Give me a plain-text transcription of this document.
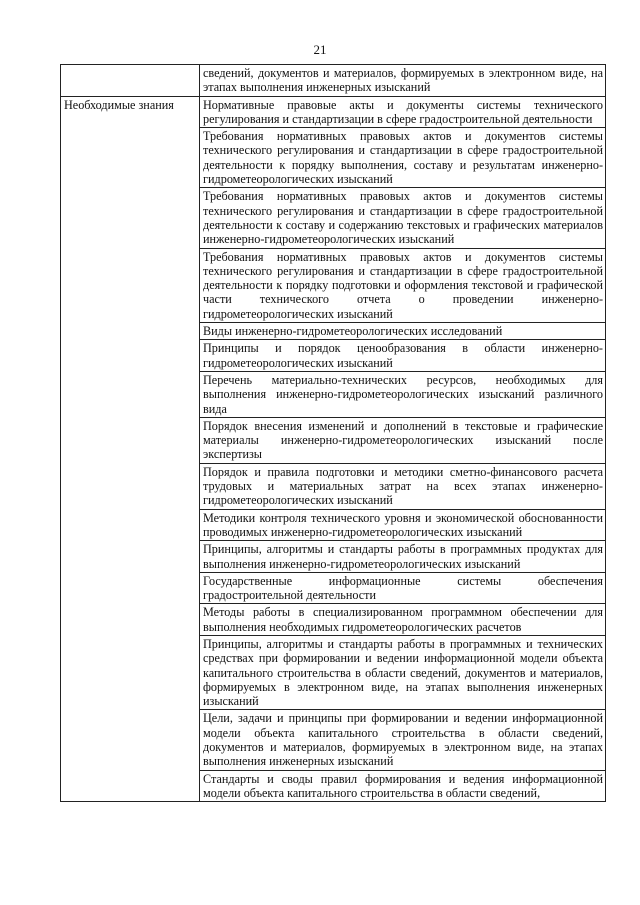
21
	сведений, документов и материалов, формируемых в электронном виде, на этапах выполнения инженерных изысканий
Необходимые знания	Нормативные правовые акты и документы системы технического регулирования и стандартизации в сфере градостроительной деятельности
	Требования нормативных правовых актов и документов системы технического регулирования и стандартизации в сфере градостроительной деятельности к порядку выполнения, составу и результатам инженерно-гидрометеорологических изысканий
	Требования нормативных правовых актов и документов системы технического регулирования и стандартизации в сфере градостроительной деятельности к составу и содержанию текстовых и графических материалов инженерно-гидрометеорологических изысканий
	Требования нормативных правовых актов и документов системы технического регулирования и стандартизации в сфере градостроительной деятельности к порядку подготовки и оформления текстовой и графической части технического отчета о проведении инженерно-гидрометеорологических изысканий
	Виды инженерно-гидрометеорологических исследований
	Принципы и порядок ценообразования в области инженерно-гидрометеорологических изысканий
	Перечень материально-технических ресурсов, необходимых для выполнения инженерно-гидрометеорологических изысканий различного вида
	Порядок внесения изменений и дополнений в текстовые и графические материалы инженерно-гидрометеорологических изысканий после экспертизы
	Порядок и правила подготовки и методики сметно-финансового расчета трудовых и материальных затрат на всех этапах инженерно-гидрометеорологических изысканий
	Методики контроля технического уровня и экономической обоснованности проводимых инженерно-гидрометеорологических изысканий
	Принципы, алгоритмы и стандарты работы в программных продуктах для выполнения инженерно-гидрометеорологических изысканий
	Государственные информационные системы обеспечения градостроительной деятельности
	Методы работы в специализированном программном обеспечении для выполнения необходимых гидрометеорологических расчетов
	Принципы, алгоритмы и стандарты работы в программных и технических средствах при формировании и ведении информационной модели объекта капитального строительства в области сведений, документов и материалов, формируемых в электронном виде, на этапах выполнения инженерных изысканий
	Цели, задачи и принципы при формировании и ведении информационной модели объекта капитального строительства в области сведений, документов и материалов, формируемых в электронном виде, на этапах выполнения инженерных изысканий
	Стандарты и своды правил формирования и ведения информационной модели объекта капитального строительства в области сведений,
